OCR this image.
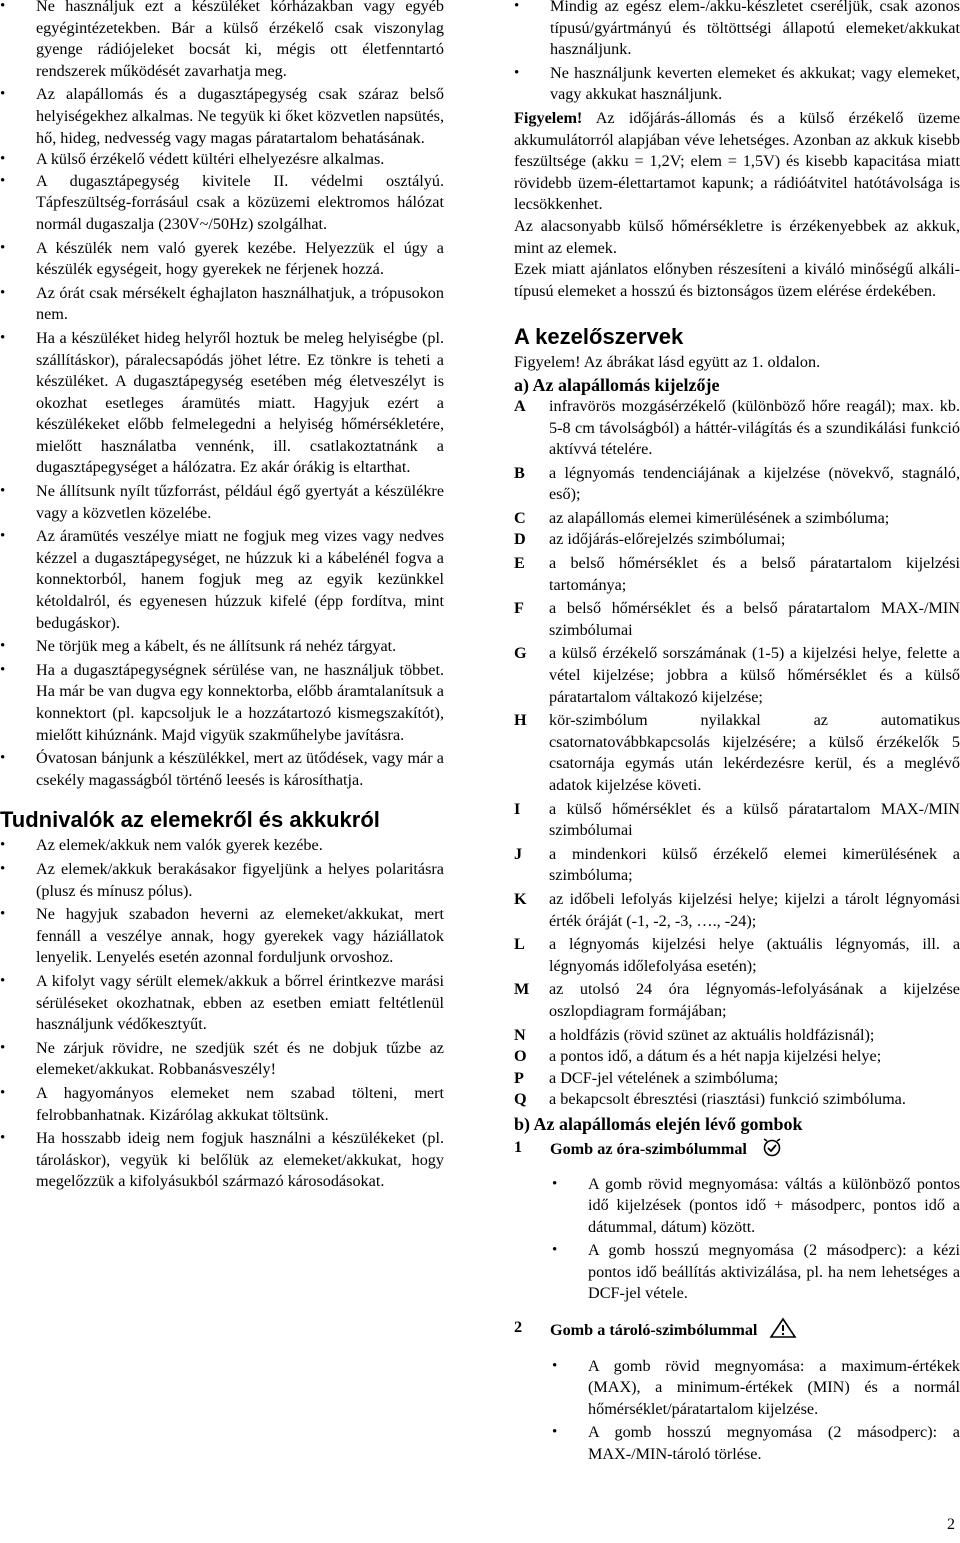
• Ne használjuk ezt a készüléket kórházakban vagy egyéb egyégintézetekben. Bár a külső érzékelő csak viszonylag gyenge rádiójeleket bocsát ki, mégis ott életfenntartó rendszerek működését zavarhatja meg.
• Az alapállomás és a dugasztápegység csak száraz belső helyiségekhez alkalmas. Ne tegyük ki őket közvetlen napsütés, hő, hideg, nedvesség vagy magas páratartalom behatásának.
• A külső érzékelő védett kültéri elhelyezésre alkalmas.
• A dugasztápegység kivitele II. védelmi osztályú. Tápfeszültség-forrásául csak a közüzemi elektromos hálózat normál dugaszalja (230V~/50Hz) szolgálhat.
• A készülék nem való gyerek kezébe. Helyezzük el úgy a készülék egységeit, hogy gyerekek ne férjenek hozzá.
• Az órát csak mérsékelt éghajlaton használhatjuk, a trópusokon nem.
• Ha a készüléket hideg helyről hoztuk be meleg helyiségbe (pl. szállításkor), páralecsapódás jöhet létre. Ez tönkre is teheti a készüléket. A dugasztápegység esetében még életveszélyt is okozhat esetleges áramütés miatt. Hagyjuk ezért a készülékeket előbb felmelegedni a helyiség hőmérsékletére, mielőtt használatba vennénk, ill. csatlakoztatnánk a dugasztápegységet a hálózatra. Ez akár órákig is eltarthat.
• Ne állítsunk nyílt tűzforrást, például égő gyertyát a készülékre vagy a közvetlen közelébe.
• Az áramütés veszélye miatt ne fogjuk meg vizes vagy nedves kézzel a dugasztápegységet, ne húzzuk ki a kábelénél fogva a konnektorból, hanem fogjuk meg az egyik kezünkkel kétoldalról, és egyenesen húzzuk kifelé (épp fordítva, mint bedugáskor).
• Ne törjük meg a kábelt, és ne állítsunk rá nehéz tárgyat.
• Ha a dugasztápegységnek sérülése van, ne használjuk többet. Ha már be van dugva egy konnektorba, előbb áramtalanítsuk a konnektort (pl. kapcsoljuk le a hozzátartozó kismegszakítót), mielőtt kihúznánk. Majd vigyük szakműhelybe javításra.
• Óvatosan bánjunk a készülékkel, mert az ütődések, vagy már a csekély magasságból történő leesés is károsíthatja.
Tudnivalók az elemekről és akkukról
• Az elemek/akkuk nem valók gyerek kezébe.
• Az elemek/akkuk berakásakor figyeljünk a helyes polaritásra (plusz és mínusz pólus).
• Ne hagyjuk szabadon heverni az elemeket/akkukat, mert fennáll a veszélye annak, hogy gyerekek vagy háziállatok lenyelik. Lenyelés esetén azonnal forduljunk orvoshoz.
• A kifolyt vagy sérült elemek/akkuk a bőrrel érintkezve marási sérüléseket okozhatnak, ebben az esetben emiatt feltétlenül használjunk védőkesztyűt.
• Ne zárjuk rövidre, ne szedjük szét és ne dobjuk tűzbe az elemeket/akkukat. Robbanásveszély!
• A hagyományos elemeket nem szabad tölteni, mert felrobbanhatnak. Kizárólag akkukat töltsünk.
• Ha hosszabb ideig nem fogjuk használni a készülékeket (pl. tároláskor), vegyük ki belőlük az elemeket/akkukat, hogy megelőzzük a kifolyásukból származó károsodásokat.
• Mindig az egész elem-/akku-készletet cseréljük, csak azonos típusú/gyártmányú és töltöttségi állapotú elemeket/akkukat használjunk.
• Ne használjunk keverten elemeket és akkukat; vagy elemeket, vagy akkukat használjunk.

Figyelem! Az időjárás-állomás és a külső érzékelő üzeme akkumulátorról alapjában véve lehetséges. Azonban az akkuk kisebb feszültsége (akku = 1,2V; elem = 1,5V) és kisebb kapacitása miatt rövidebb üzem-élettartamot kapunk; a rádióátvitel hatótávolsága is lecsökkenhet.

Az alacsonyabb külső hőmérsékletre is érzékenyebbek az akkuk, mint az elemek.

Ezek miatt ajánlatos előnyben részesíteni a kiváló minőségű alkáli-típusú elemeket a hosszú és biztonságos üzem elérése érdekében.

A kezelőszervek

Figyelem! Az ábrákat lásd együtt az 1. oldalon.

a) Az alapállomás kijelzője
A	infravörös mozgásérzékelő (különböző hőre reagál); max. kb. 5-8 cm távolságból) a háttér-világítás és a szundikálási funkció aktívvá tételére.
B	a légnyomás tendenciájának a kijelzése (növekvő, stagnáló, eső);
C	az alapállomás elemei kimerülésének a szimbóluma;
D	az időjárás-előrejelzés szimbólumai;
E	a belső hőmérséklet és a belső páratartalom kijelzési tartománya;
F	a belső hőmérséklet és a belső páratartalom MAX-/MIN szimbólumai
G	a külső érzékelő sorszámának (1-5) a kijelzési helye, felette a vétel kijelzése; jobbra a külső hőmérséklet és a külső páratartalom váltakozó kijelzése;
H	kör-szimbólum nyilakkal az automatikus csatornatovábbkapcsolás kijelzésére; a külső érzékelők 5 csatornája egymás után lekérdezésre kerül, és a meglévő adatok kijelzése követi.
I	a külső hőmérséklet és a külső páratartalom MAX-/MIN szimbólumai
J	a mindenkori külső érzékelő elemei kimerülésének a szimbóluma;
K	az időbeli lefolyás kijelzési helye; kijelzi a tárolt légnyomási érték óráját (-1, -2, -3, …., -24);
L	a légnyomás kijelzési helye (aktuális légnyomás, ill. a légnyomás időlefolyása esetén);
M	az utolsó 24 óra légnyomás-lefolyásának a kijelzése oszlopdiagram formájában;
N	a holdfázis (rövid szünet az aktuális holdfázisnál);
O	a pontos idő, a dátum és a hét napja kijelzési helye;
P	a DCF-jel vételének a szimbóluma;
Q	a bekapcsolt ébresztési (riasztási) funkció szimbóluma.
b) Az alapállomás elején lévő gombok
1	Gomb az óra-szimbólummal
• A gomb rövid megnyomása: váltás a különböző pontos idő kijelzések (pontos idő + másodperc, pontos idő a dátummal, dátum) között.
• A gomb hosszú megnyomása (2 másodperc): a kézi pontos idő beállítás aktivizálása, pl. ha nem lehetséges a DCF-jel vétele.
2	Gomb a tároló-szimbólummal
• A gomb rövid megnyomása: a maximum-értékek (MAX), a minimum-értékek (MIN) és a normál hőmérséklet/páratartalom kijelzése.
• A gomb hosszú megnyomása (2 másodperc): a MAX-/MIN-tároló törlése.
2
